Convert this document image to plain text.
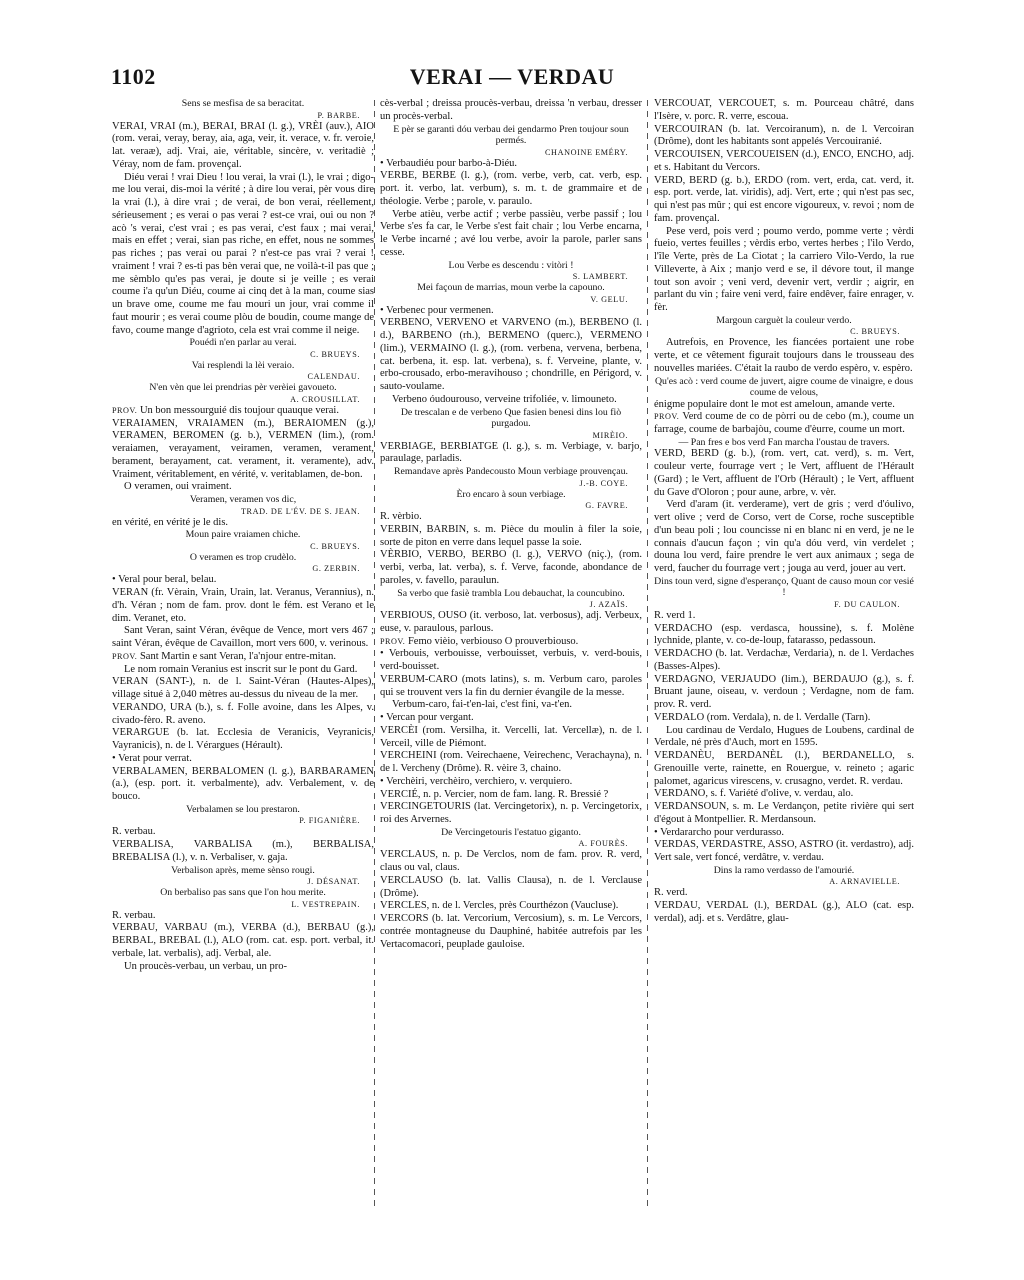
1102	VERAI — VERDAU

Sens se mesfisa de sa beracitat.

P. BARBE.

VERAI, VRAI (m.), BERAI, BRAI (l. g.), VRÈI (auv.), AIO (rom. verai, veray, beray, aia, aga, veir, it. verace, v. fr. veroie, lat. veraæ), adj. Vrai, aie, véritable, sincère, v. veritadiè ; Véray, nom de fam. provençal.

Diéu verai ! vrai Dieu ! lou verai, la vrai (l.), le vrai ; digo-me lou verai, dis-moi la vérité ; à dire lou verai, pèr vous dire la vrai (l.), à dire vrai ; de verai, de bon verai, réellement, sérieusement ; es verai o pas verai ? est-ce vrai, oui ou non ? acò 's verai, c'est vrai ; es pas verai, c'est faux ; mai verai, mais en effet ; verai, sian pas riche, en effet, nous ne sommes pas riches ; pas verai ou parai ? n'est-ce pas vrai ? verai ! vraiment ! vrai ? es-ti pas bèn verai que, ne voilà-t-il pas que ; me sèmblo qu'es pas verai, je doute si je veille ; es verai coume i'a qu'un Diéu, coume ai cinq det à la man, coume sias un brave ome, coume me fau mouri un jour, vrai comme il faut mourir ; es verai coume plòu de boudin, coume mange de favo, coume mange d'agrioto, cela est vrai comme il neige.

Pouédi n'en parlar au verai.

C. BRUEYS.

Vai resplendi la lèi veraio.

CALENDAU.

N'en vèn que lei prendrias pèr verèiei gavoueto.

A. CROUSILLAT.

PROV. Un bon messourguié dis toujour quauque verai.

VERAIAMEN, VRAIAMEN (m.), BERAIOMEN (g.), VERAMEN, BEROMEN (g. b.), VERMEN (lim.), (rom. veraiamen, verayament, veiramen, veramen, verament, berament, berayament, cat. verament, it. veramente), adv. Vraiment, véritablement, en vérité, v. veritablamen, de-bon.

O veramen, oui vraiment.

Veramen, veramen vos dic,

TRAD. DE L'ÉV. DE S. JEAN.

en vérité, en vérité je le dis.

Moun paire vraiamen chiche.

C. BRUEYS.

O veramen es trop crudèlo.

G. ZERBIN.

• Veral pour beral, belau.

VERAN (fr. Vèrain, Vrain, Urain, lat. Veranus, Verannius), n. d'h. Véran ; nom de fam. prov. dont le fém. est Verano et le dim. Veranet, eto.

Sant Veran, saint Véran, évêque de Vence, mort vers 467 ; saint Véran, évêque de Cavaillon, mort vers 600, v. verinous.

PROV. Sant Martin e sant Veran, l'a'njour entre-mitan.

Le nom romain Veranius est inscrit sur le pont du Gard.

VERAN (SANT-), n. de l. Saint-Véran (Hautes-Alpes), village situé à 2,040 mètres au-dessus du niveau de la mer.

VERANDO, URA (b.), s. f. Folle avoine, dans les Alpes, v. civado-fèro. R. aveno.

VERARGUE (b. lat. Ecclesia de Veranicis, Veyranicis, Vayranicis), n. de l. Vérargues (Hérault).

• Verat pour verrat.

VERBALAMEN, BERBALOMEN (l. g.), BARBARAMEN (a.), (esp. port. it. verbalmente), adv. Verbalement, v. de bouco.

Verbalamen se lou prestaron.

P. FIGANIÈRE.

R. verbau.

VERBALISA, VARBALISA (m.), BERBALISA, BREBALISA (l.), v. n. Verbaliser, v. gaja.

Verbalison après, meme sènso rougi.

J. DÉSANAT.

On berbaliso pas sans que l'on hou merite.

L. VESTREPAIN.

R. verbau.

VERBAU, VARBAU (m.), VERBA (d.), BERBAU (g.), BERBAL, BREBAL (l.), ALO (rom. cat. esp. port. verbal, it. verbale, lat. verbalis), adj. Verbal, ale.

Un proucès-verbau, un verbau, un pro-

cès-verbal ; dreissa proucès-verbau, dreissa 'n verbau, dresser un procès-verbal.

E pèr se garanti dóu verbau dei gendarmo Pren toujour soun permés.

CHANOINE EMÉRY.

• Verbaudiéu pour barbo-à-Diéu.

VERBE, BERBE (l. g.), (rom. verbe, verb, cat. verb, esp. port. it. verbo, lat. verbum), s. m. t. de grammaire et de théologie. Verbe ; parole, v. paraulo.

Verbe atièu, verbe actif ; verbe passièu, verbe passif ; lou Verbe s'es fa car, le Verbe s'est fait chair ; lou Verbe encarna, le Verbe incarné ; avé lou verbe, avoir la parole, parler sans cesse.

Lou Verbe es descendu : vitòri !

S. LAMBERT.

Mei façoun de marrias, moun verbe la capouno.

V. GELU.

• Verbenec pour vermenen.

VERBENO, VERVENO et VARVENO (m.), BERBENO (l. d.), BARBENO (rh.), BERMENO (querc.), VERMENO (lim.), VERMAINO (l. g.), (rom. verbena, vervena, berbena, cat. berbena, it. esp. lat. verbena), s. f. Verveine, plante, v. erbo-crousado, erbo-meravihouso ; chondrille, en Périgord, v. sauto-voulame.

Verbeno óudourouso, verveine trifoliée, v. limouneto.

De trescalan e de verbeno Que fasien benesi dins lou fiò purgadou.

MIRÈIO.

VERBIAGE, BERBIATGE (l. g.), s. m. Verbiage, v. barjo, paraulage, parladis.

Remandave après Pandecousto Moun verbiage prouvençau.

J.-B. COYE.

Èro encaro à soun verbiage.

G. FAVRE.

R. vèrbio.

VERBIN, BARBIN, s. m. Pièce du moulin à filer la soie, sorte de piton en verre dans lequel passe la soie.

VÈRBIO, VERBO, BERBO (l. g.), VERVO (niç.), (rom. verbi, verba, lat. verba), s. f. Verve, faconde, abondance de paroles, v. favello, paraulun.

Sa verbo que fasiè trambla Lou debauchat, la councubino.

J. AZAÏS.

VERBIOUS, OUSO (it. verboso, lat. verbosus), adj. Verbeux, euse, v. paraulous, parlous.

PROV. Femo vièio, verbiouso O prouverbiouso.

• Verbouis, verbouisse, verbouisset, verbuis, v. verd-bouis, verd-bouisset.

VERBUM-CARO (mots latins), s. m. Verbum caro, paroles qui se trouvent vers la fin du dernier évangile de la messe.

Verbum-caro, fai-t'en-lai, c'est fini, va-t'en.

• Vercan pour vergant.

VERCÈI (rom. Versilha, it. Vercelli, lat. Vercellæ), n. de l. Verceil, ville de Piémont.

VERCHEINI (rom. Veirechaene, Veirechenc, Verachayna), n. de l. Vercheny (Drôme). R. vèire 3, chaino.

• Verchèiri, verchèiro, verchiero, v. verquiero.

VERCIÉ, n. p. Vercier, nom de fam. lang. R. Bressié ?

VERCINGETOURIS (lat. Vercingetorix), n. p. Vercingetorix, roi des Arvernes.

De Vercingetouris l'estatuo giganto.

A. FOURÈS.

VERCLAUS, n. p. De Verclos, nom de fam. prov. R. verd, claus ou val, claus.

VERCLAUSO (b. lat. Vallis Clausa), n. de l. Verclause (Drôme).

VERCLES, n. de l. Vercles, près Courthézon (Vaucluse).

VERCORS (b. lat. Vercorium, Vercosium), s. m. Le Vercors, contrée montagneuse du Dauphiné, habitée autrefois par les Vertacomacori, peuplade gauloise.

VERCOUAT, VERCOUET, s. m. Pourceau châtré, dans l'Isère, v. porc. R. verre, escoua.

VERCOUIRAN (b. lat. Vercoiranum), n. de l. Vercoiran (Drôme), dont les habitants sont appelés Vercouiranié.

VERCOUISEN, VERCOUEISEN (d.), ENCO, ENCHO, adj. et s. Habitant du Vercors.

VERD, BERD (g. b.), ERDO (rom. vert, erda, cat. verd, it. esp. port. verde, lat. viridis), adj. Vert, erte ; qui n'est pas sec, qui n'est pas mûr ; qui est encore vigoureux, v. revoi ; nom de fam. provençal.

Pese verd, pois verd ; poumo verdo, pomme verte ; vèrdi fueio, vertes feuilles ; vèrdis erbo, vertes herbes ; l'ilo Verdo, l'île Verte, près de La Ciotat ; la carriero Vilo-Verdo, la rue Villeverte, à Aix ; manjo verd e se, il dévore tout, il mange tout son avoir ; veni verd, devenir vert, verdir ; aigrir, en parlant du vin ; faire veni verd, faire endêver, faire enrager, v. fèr.

Margoun carguèt la couleur verdo.

C. BRUEYS.

Autrefois, en Provence, les fiancées portaient une robe verte, et ce vêtement figurait toujours dans le trousseau des nouvelles mariées. C'était la raubo de verdo espèro, v. espèro.

Qu'es acò : verd coume de juvert, aigre coume de vinaigre, e dous coume de velous,

énigme populaire dont le mot est ameloun, amande verte.

PROV. Verd coume de co de pòrri ou de cebo (m.), coume un farrage, coume de barbajòu, coume d'èurre, coume un mort.

— Pan fres e bos verd Fan marcha l'oustau de travers.

VERD, BERD (g. b.), (rom. vert, cat. verd), s. m. Vert, couleur verte, fourrage vert ; le Vert, affluent de l'Hérault (Gard) ; le Vert, affluent de l'Orb (Hérault) ; le Vert, affluent du Gave d'Oloron ; pour aune, arbre, v. vèr.

Verd d'aram (it. verderame), vert de gris ; verd d'óulivo, vert olive ; verd de Corso, vert de Corse, roche susceptible d'un beau poli ; lou councisse ni en blanc ni en verd, je ne le connais d'aucun façon ; vin qu'a dóu verd, vin verdelet ; douna lou verd, faire prendre le vert aux animaux ; sega de verd, faucher du fourrage vert ; jouga au verd, jouer au vert.

Dins toun verd, signe d'esperanço, Quant de causo moun cor vesié !

F. DU CAULON.

R. verd 1.

VERDACHO (esp. verdasca, houssine), s. f. Molène lychnide, plante, v. co-de-loup, fatarasso, pedassoun.

VERDACHO (b. lat. Verdachæ, Verdaria), n. de l. Verdaches (Basses-Alpes).

VERDAGNO, VERJAUDO (lim.), BERDAUJO (g.), s. f. Bruant jaune, oiseau, v. verdoun ; Verdagne, nom de fam. prov. R. verd.

VERDALO (rom. Verdala), n. de l. Verdalle (Tarn).

Lou cardinau de Verdalo, Hugues de Loubens, cardinal de Verdale, né près d'Auch, mort en 1595.

VERDANÈU, BERDANÈL (l.), BERDANELLO, s. Grenouille verte, rainette, en Rouergue, v. reineto ; agaric palomet, agaricus virescens, v. crusagno, verdet. R. verdau.

VERDANO, s. f. Variété d'olive, v. verdau, alo.

VERDANSOUN, s. m. Le Verdançon, petite rivière qui sert d'égout à Montpellier. R. Merdansoun.

• Verdararcho pour verdurasso.

VERDAS, VERDASTRE, ASSO, ASTRO (it. verdastro), adj. Vert sale, vert foncé, verdâtre, v. verdau.

Dins la ramo verdasso de l'amourié.

A. ARNAVIELLE.

R. verd.

VERDAU, VERDAL (l.), BERDAL (g.), ALO (cat. esp. verdal), adj. et s. Verdâtre, glau-
